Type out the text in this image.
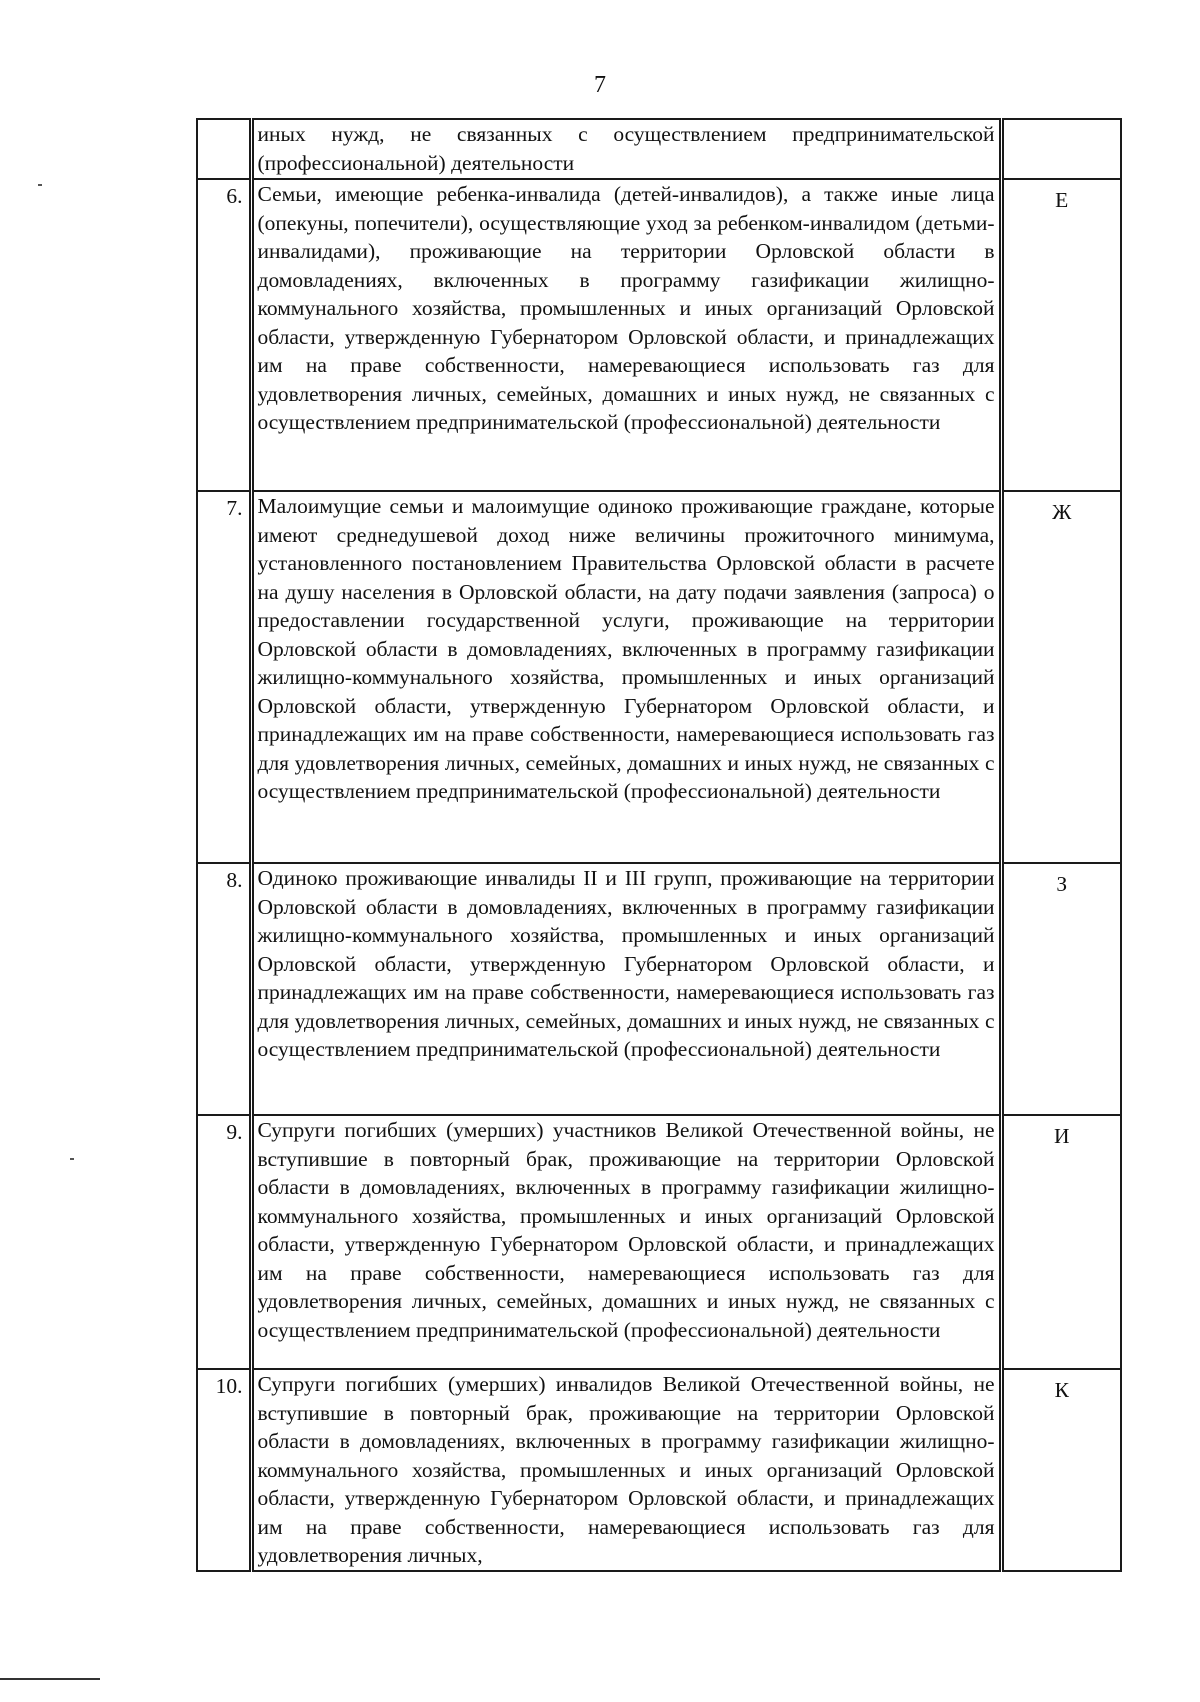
7
	иных нужд, не связанных с осуществлением предпринимательской (профессиональной) деятельности	
6.	Семьи, имеющие ребенка-инвалида (детей-инвалидов), а также иные лица (опекуны, попечители), осуществляющие уход за ребенком-инвалидом (детьми-инвалидами), проживающие на территории Орловской области в домовладениях, включенных в программу газификации жилищно-коммунального хозяйства, промышленных и иных организаций Орловской области, утвержденную Губернатором Орловской области, и принадлежащих им на праве собственности, намеревающиеся использовать газ для удовлетворения личных, семейных, домашних и иных нужд, не связанных с осуществлением предпринимательской (профессиональной) деятельности	Е
7.	Малоимущие семьи и малоимущие одиноко проживающие граждане, которые имеют среднедушевой доход ниже величины прожиточного минимума, установленного постановлением Правительства Орловской области в расчете на душу населения в Орловской области, на дату подачи заявления (запроса) о предоставлении государственной услуги, проживающие на территории Орловской области в домовладениях, включенных в программу газификации жилищно-коммунального хозяйства, промышленных и иных организаций Орловской области, утвержденную Губернатором Орловской области, и принадлежащих им на праве собственности, намеревающиеся использовать газ для удовлетворения личных, семейных, домашних и иных нужд, не связанных с осуществлением предпринимательской (профессиональной) деятельности	Ж
8.	Одиноко проживающие инвалиды II и III групп, проживающие на территории Орловской области в домовладениях, включенных в программу газификации жилищно-коммунального хозяйства, промышленных и иных организаций Орловской области, утвержденную Губернатором Орловской области, и принадлежащих им на праве собственности, намеревающиеся использовать газ для удовлетворения личных, семейных, домашних и иных нужд, не связанных с осуществлением предпринимательской (профессиональной) деятельности	З
9.	Супруги погибших (умерших) участников Великой Отечественной войны, не вступившие в повторный брак, проживающие на территории Орловской области в домовладениях, включенных в программу газификации жилищно-коммунального хозяйства, промышленных и иных организаций Орловской области, утвержденную Губернатором Орловской области, и принадлежащих им на праве собственности, намеревающиеся использовать газ для удовлетворения личных, семейных, домашних и иных нужд, не связанных с осуществлением предпринимательской (профессиональной) деятельности	И
10.	Супруги погибших (умерших) инвалидов Великой Отечественной войны, не вступившие в повторный брак, проживающие на территории Орловской области в домовладениях, включенных в программу газификации жилищно-коммунального хозяйства, промышленных и иных организаций Орловской области, утвержденную Губернатором Орловской области, и принадлежащих им на праве собственности, намеревающиеся использовать газ для удовлетворения личных,	К
